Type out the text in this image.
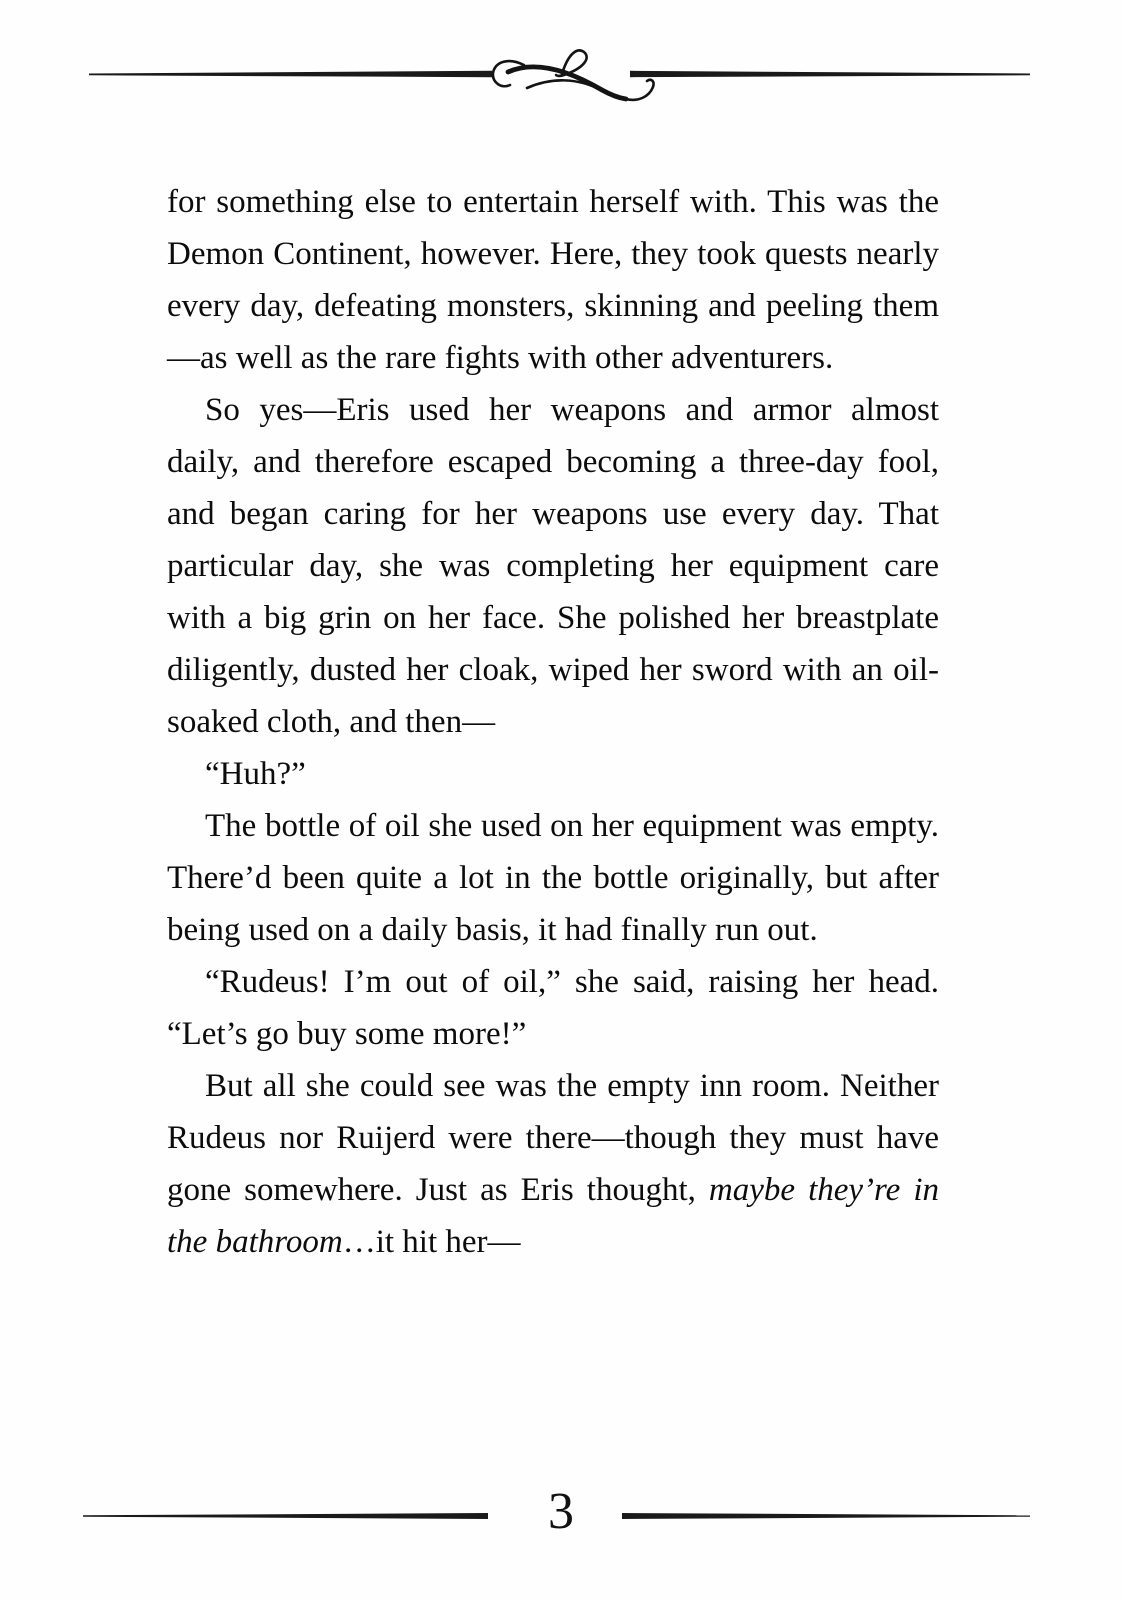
for something else to entertain herself with. This was the Demon Continent, however. Here, they took quests nearly every day, defeating monsters, skinning and peeling them—as well as the rare fights with other adventurers.

So yes—Eris used her weapons and armor almost daily, and therefore escaped becoming a three-day fool, and began caring for her weapons use every day. That particular day, she was completing her equipment care with a big grin on her face. She polished her breastplate diligently, dusted her cloak, wiped her sword with an oil-soaked cloth, and then—

“Huh?”

The bottle of oil she used on her equipment was empty. There’d been quite a lot in the bottle originally, but after being used on a daily basis, it had finally run out.

“Rudeus! I’m out of oil,” she said, raising her head. “Let’s go buy some more!”

But all she could see was the empty inn room. Neither Rudeus nor Ruijerd were there—though they must have gone somewhere. Just as Eris thought, maybe they’re in the bathroom…it hit her—

3
